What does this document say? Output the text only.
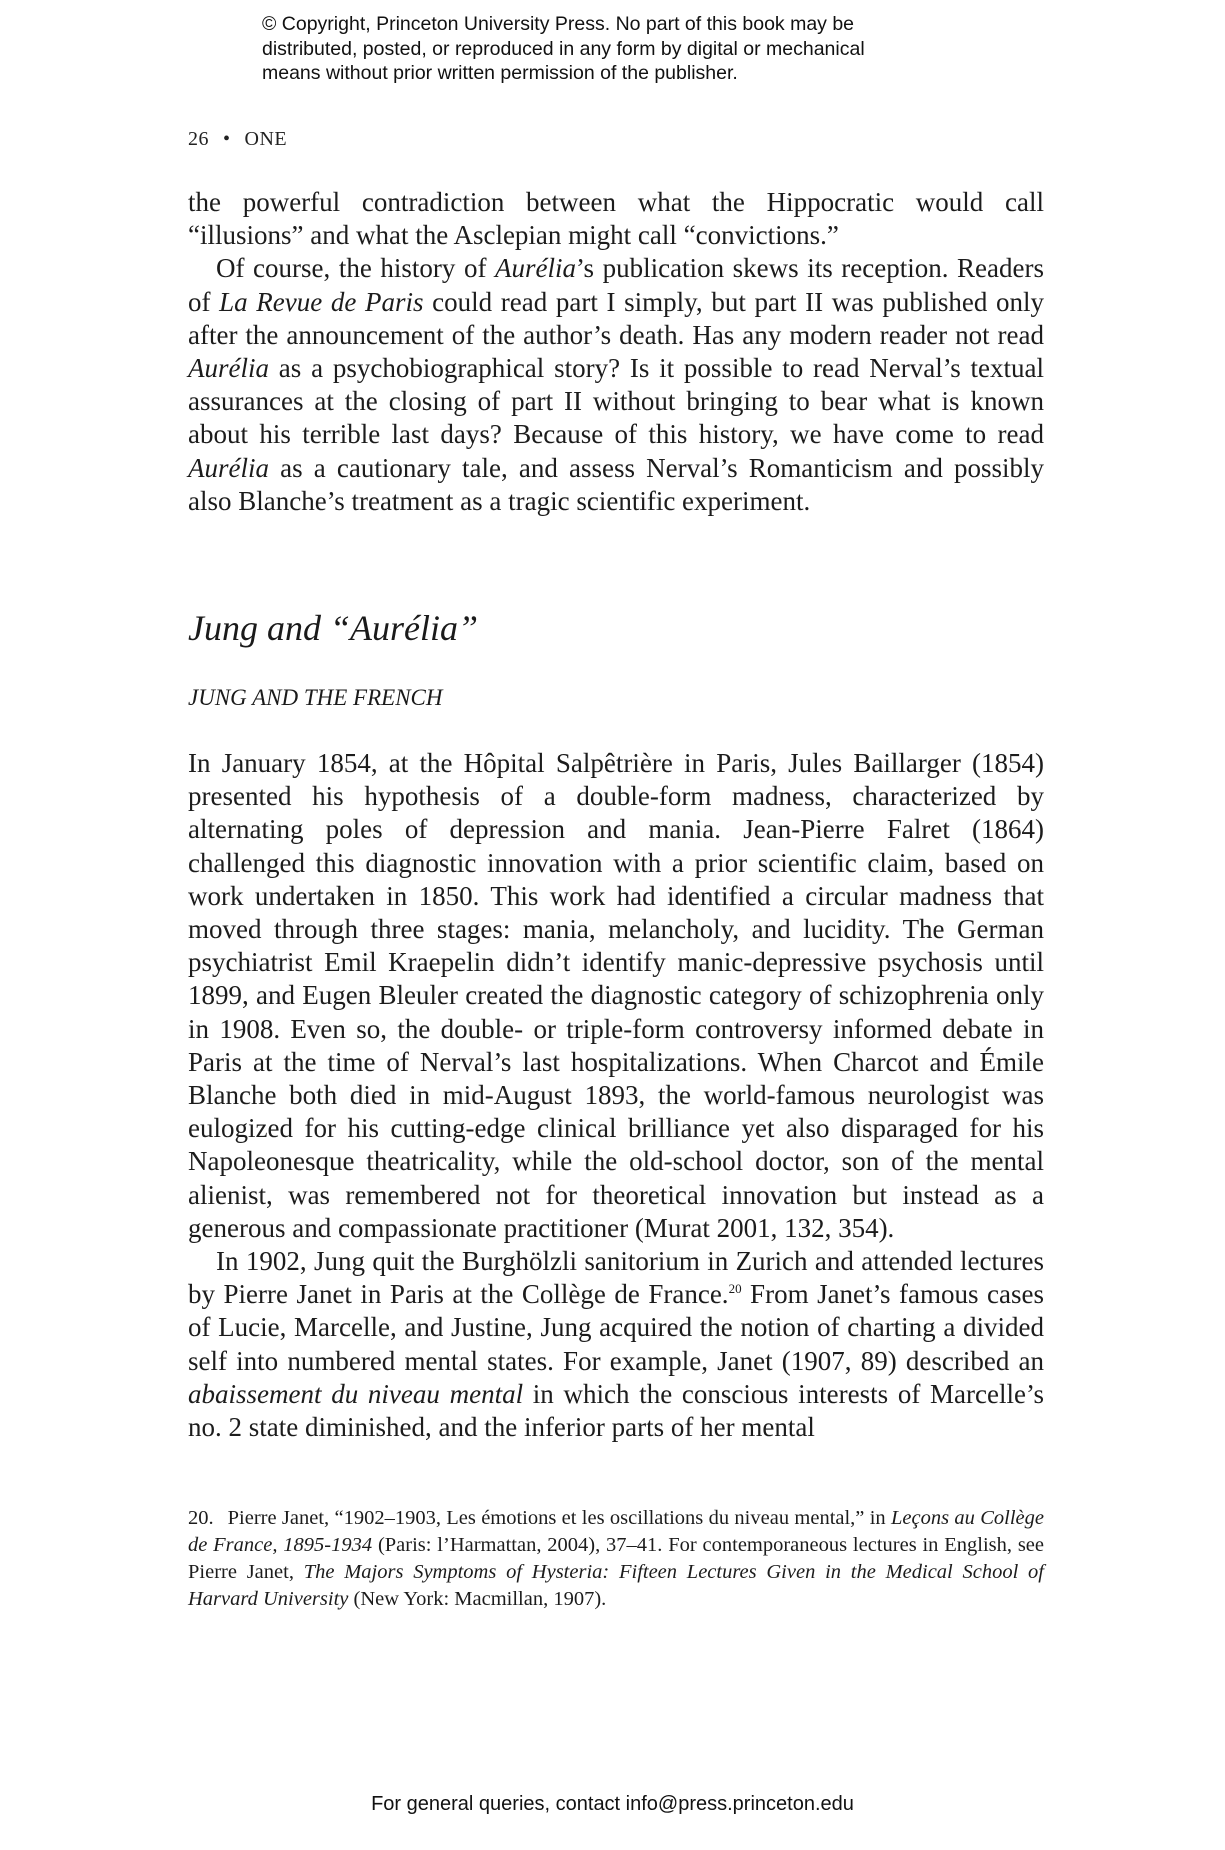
© Copyright, Princeton University Press. No part of this book may be
distributed, posted, or reproduced in any form by digital or mechanical
means without prior written permission of the publisher.
26 • ONE

the powerful contradiction between what the Hippocratic would call “illusions” and what the Asclepian might call “convictions.”

Of course, the history of Aurélia’s publication skews its reception. Readers of La Revue de Paris could read part I simply, but part II was published only after the announcement of the author’s death. Has any modern reader not read Aurélia as a psychobiographical story? Is it possible to read Nerval’s textual assurances at the closing of part II without bringing to bear what is known about his terrible last days? Because of this history, we have come to read Aurélia as a cautionary tale, and assess Nerval’s Romanticism and possibly also Blanche’s treatment as a tragic scientific experiment.

Jung and “Aurélia”
JUNG AND THE FRENCH

In January 1854, at the Hôpital Salpêtrière in Paris, Jules Baillarger (1854) presented his hypothesis of a double-form madness, characterized by alternating poles of depression and mania. Jean-Pierre Falret (1864) challenged this diagnostic innovation with a prior scientific claim, based on work undertaken in 1850. This work had identified a circular madness that moved through three stages: mania, melancholy, and lucidity. The German psychiatrist Emil Kraepelin didn’t identify manic-depressive psychosis until 1899, and Eugen Bleuler created the diagnostic category of schizophrenia only in 1908. Even so, the double- or triple-form controversy informed debate in Paris at the time of Nerval’s last hospitalizations. When Charcot and Émile Blanche both died in mid-August 1893, the world-famous neurologist was eulogized for his cutting-edge clinical brilliance yet also disparaged for his Napoleonesque theatricality, while the old-school doctor, son of the mental alienist, was remembered not for theoretical innovation but instead as a generous and compassionate practitioner (Murat 2001, 132, 354).

In 1902, Jung quit the Burghölzli sanitorium in Zurich and attended lectures by Pierre Janet in Paris at the Collège de France.$^{20}$ From Janet’s famous cases of Lucie, Marcelle, and Justine, Jung acquired the notion of charting a divided self into numbered mental states. For example, Janet (1907, 89) described an abaissement du niveau mental in which the conscious interests of Marcelle’s no. 2 state diminished, and the inferior parts of her mental

20. Pierre Janet, “1902–1903, Les émotions et les oscillations du niveau mental,” in Leçons au Collège de France, 1895-1934 (Paris: l’Harmattan, 2004), 37–41. For contemporaneous lectures in English, see Pierre Janet, The Majors Symptoms of Hysteria: Fifteen Lectures Given in the Medical School of Harvard University (New York: Macmillan, 1907).
For general queries, contact info@press.princeton.edu
